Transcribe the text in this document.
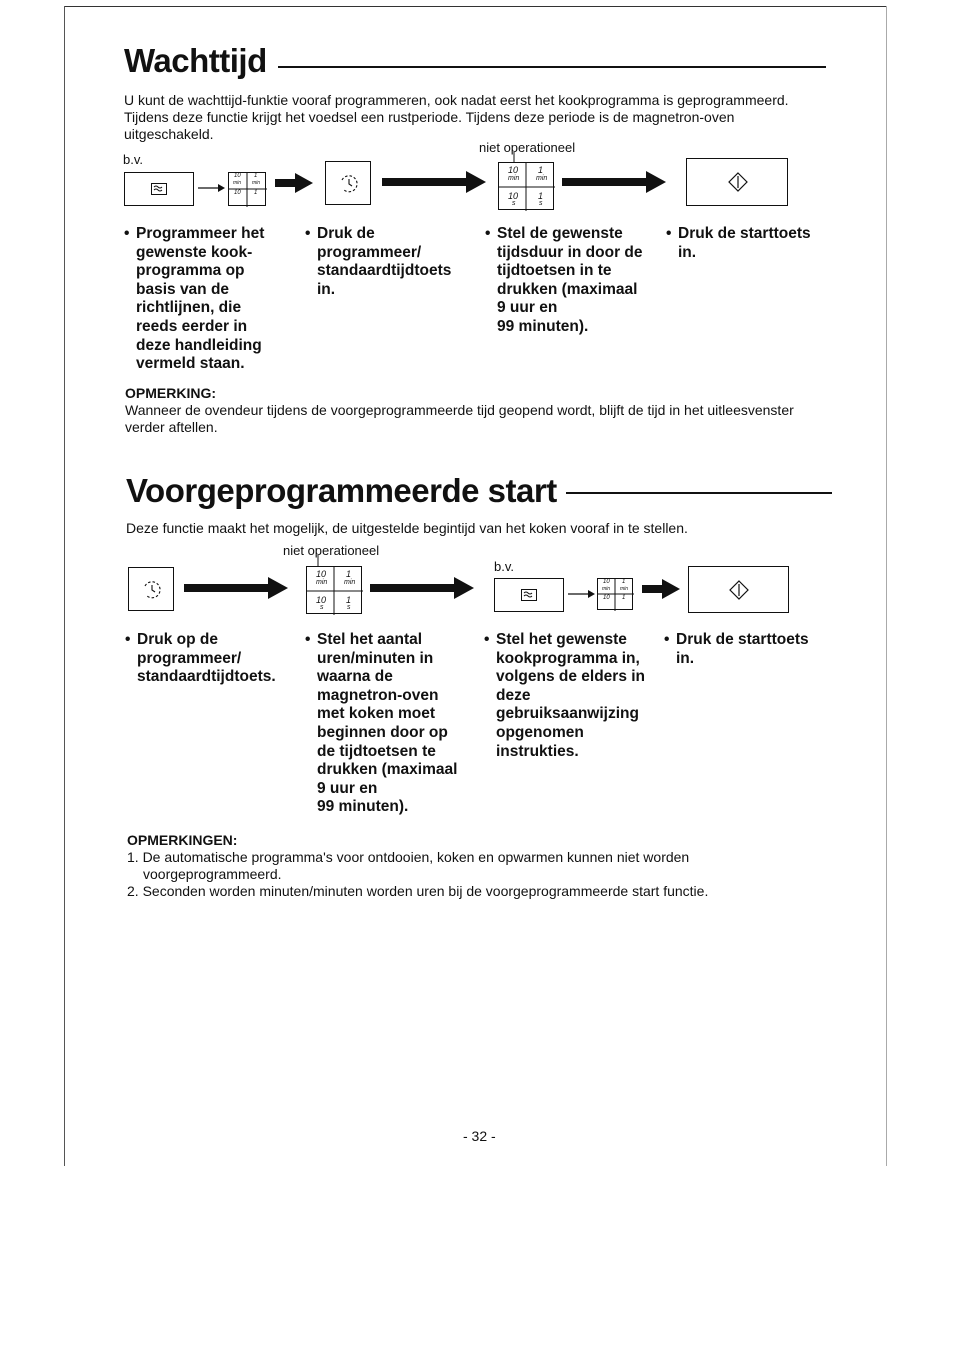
Wachttijd
U kunt de wachttijd-funktie vooraf programmeren, ook nadat eerst het kookprogramma is geprogrammeerd.
Tijdens deze functie krijgt het voedsel een rustperiode. Tijdens deze periode is de magnetron-oven
uitgeschakeld.
b.v.
niet operationeel
10 1
min min
10 1
10 1
min min
10 1
s	s
• Programmeer het
gewenste kook-
programma op
basis van de
richtlijnen, die
reeds eerder in
deze handleiding
vermeld staan.
• Druk de
programmeer/
standaardtijdtoets
in.
• Stel de gewenste
tijdsduur in door de
tijdtoetsen in te
drukken (maximaal
9 uur en
99 minuten).
• Druk de starttoets
in.
OPMERKING:
Wanneer de ovendeur tijdens de voorgeprogrammeerde tijd geopend wordt, blijft de tijd in het uitleesvenster
verder aftellen.
Voorgeprogrammeerde start
Deze functie maakt het mogelijk, de uitgestelde begintijd van het koken vooraf in te stellen.
niet operationeel
b.v.
10 1
min min
10 1
s	s
10 1
min min
10 1
• Druk op de
programmeer/
standaardtijdtoets.
• Stel het aantal
uren/minuten in
waarna de
magnetron-oven
met koken moet
beginnen door op
de tijdtoetsen te
drukken (maximaal
9 uur en
99 minuten).
• Stel het gewenste
kookprogramma in,
volgens de elders in
deze
gebruiksaanwijzing
opgenomen
instrukties.
• Druk de starttoets
in.
OPMERKINGEN:
1. De automatische programma's voor ontdooien, koken en opwarmen kunnen niet worden
voorgeprogrammeerd.
2. Seconden worden minuten/minuten worden uren bij de voorgeprogrammeerde start functie.
- 32 -
